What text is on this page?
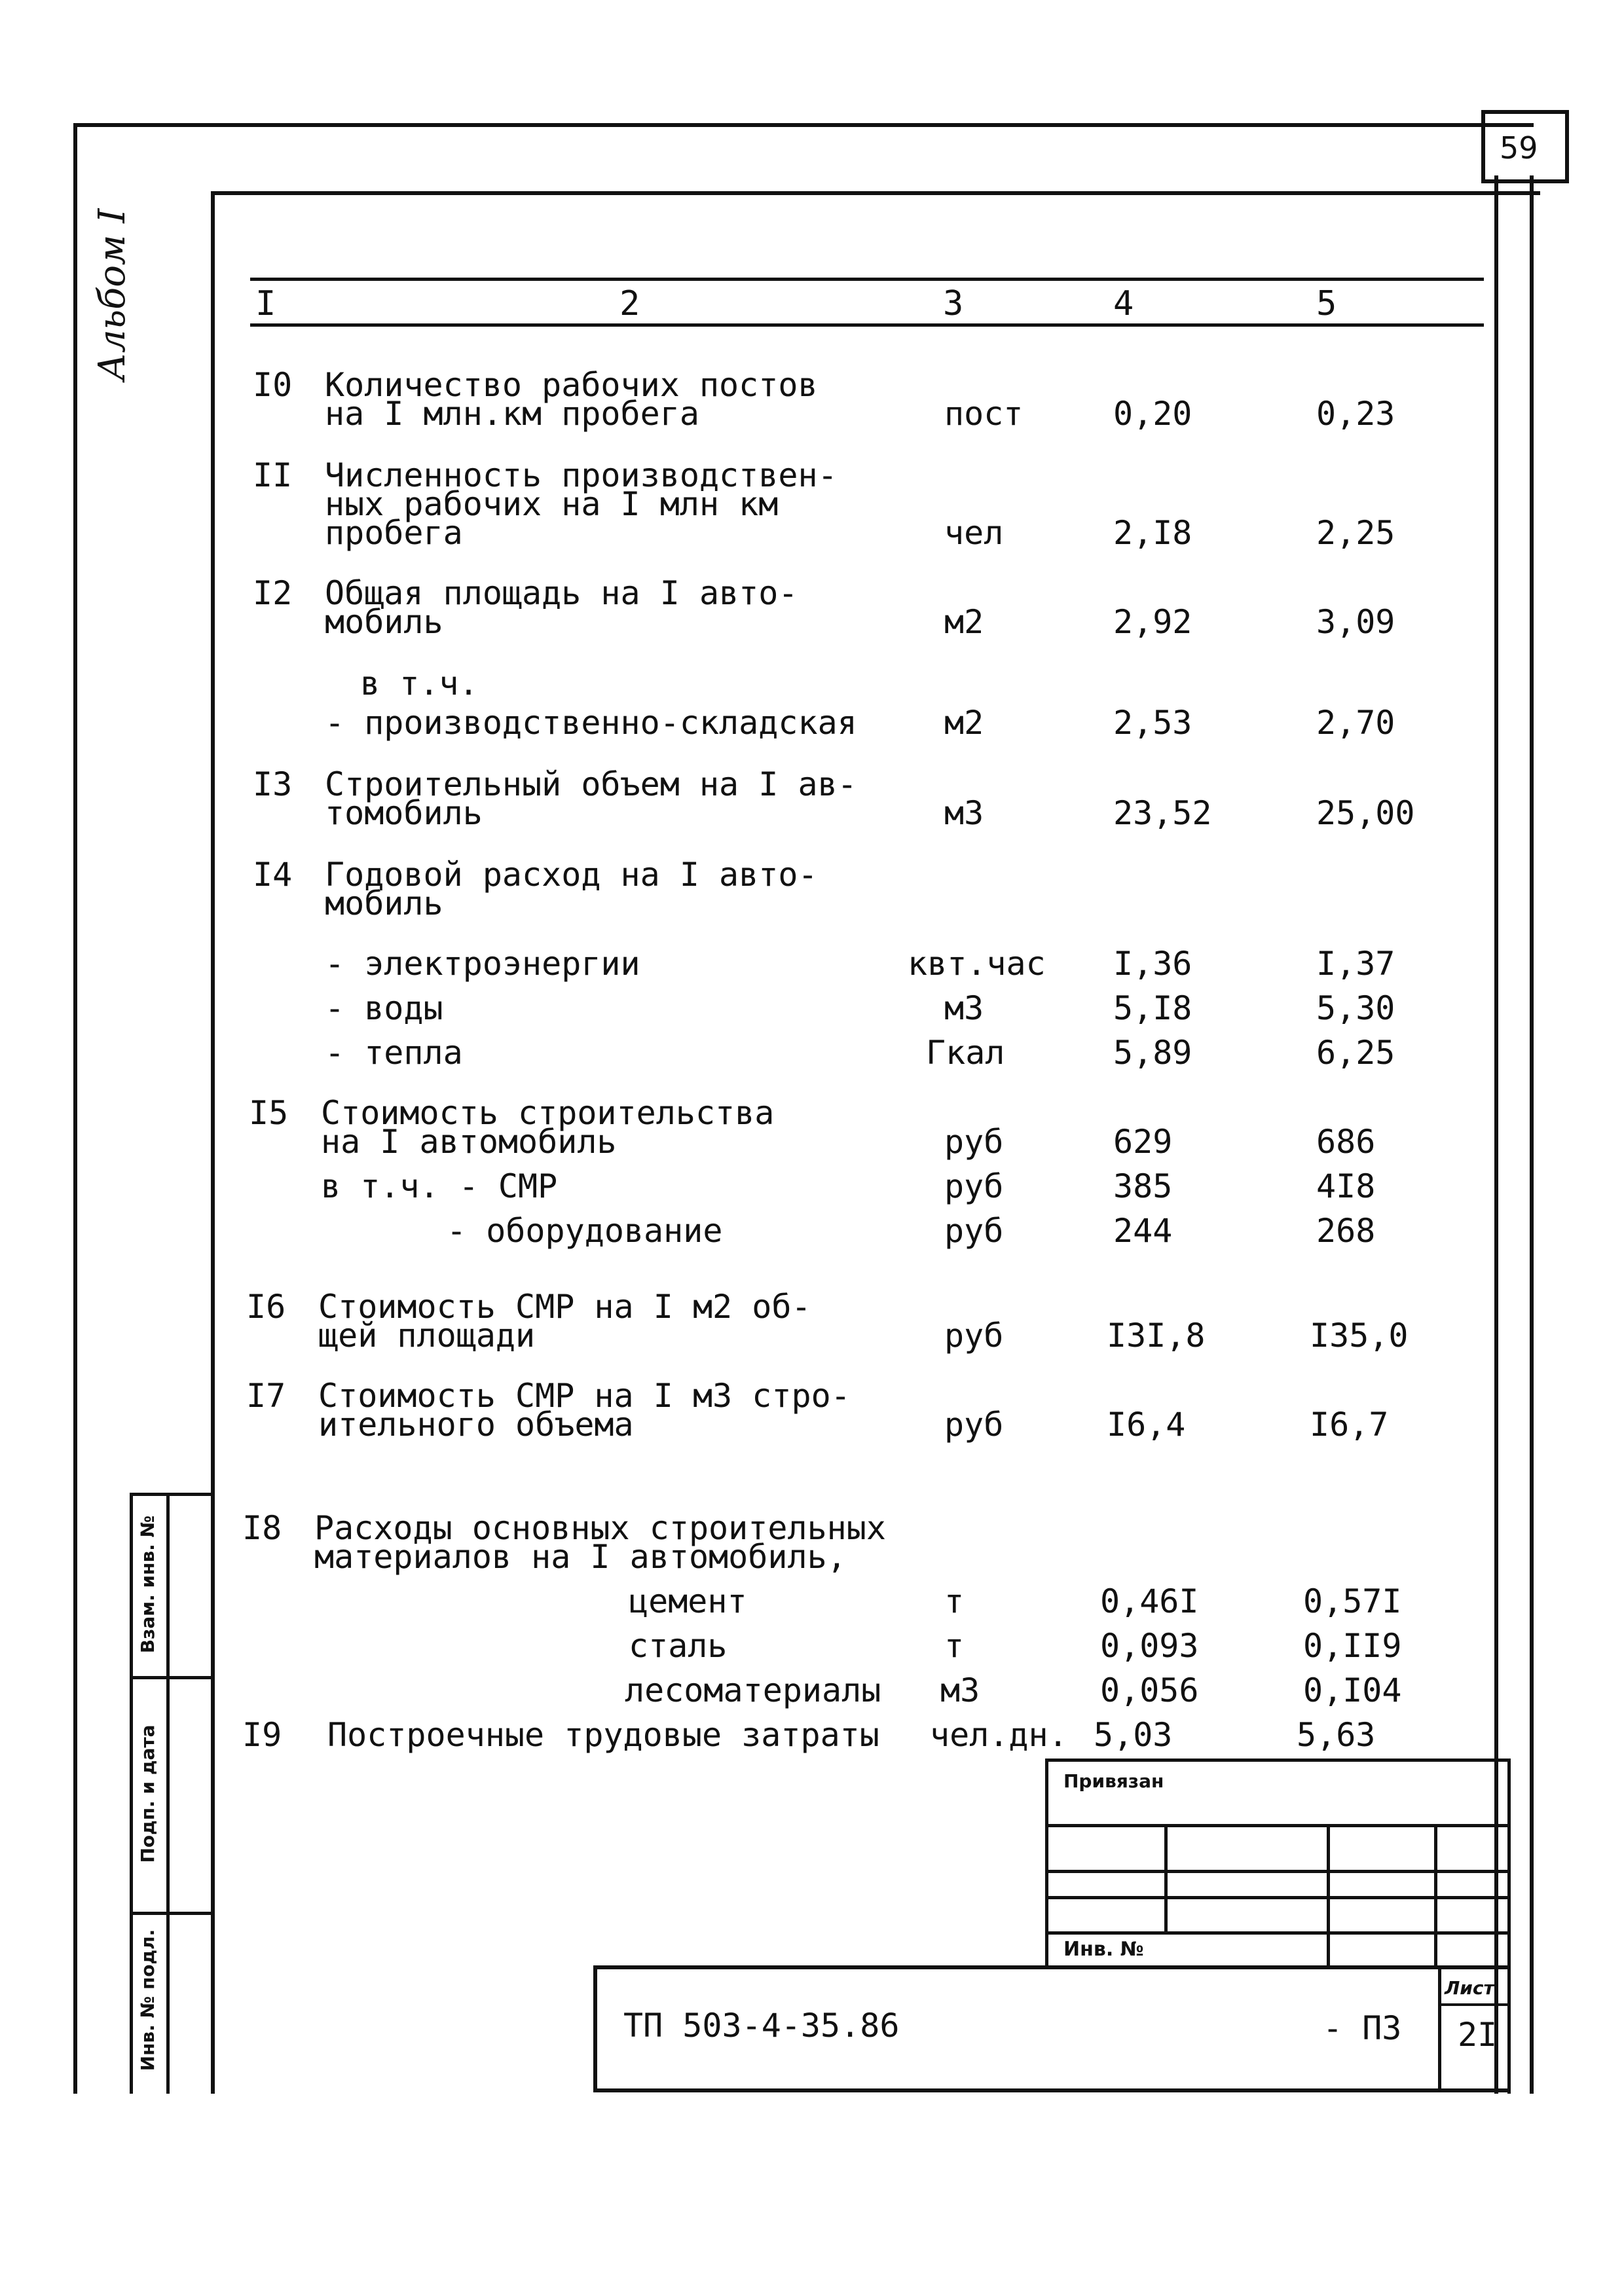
59
Альбом I
Взам. инв. №
Подп. и дата
Инв. № подл.
I	2	3	4	5
I0 Количество рабочих постов
на I млн.км пробега	пост	0,20	0,23
II Численность производствен-
ных рабочих на I млн км
пробега	чел	2,I8	2,25
I2 Общая площадь на I авто-
мобиль	м2	2,92	3,09
в т.ч.
- производственно-складская	м2	2,53	2,70
I3 Строительный объем на I ав-
томобиль	м3	23,52	25,00
I4 Годовой расход на I авто-
мобиль
- электроэнергии	квт.час I,36	I,37
- воды	м3	5,I8	5,30
- тепла	Гкал	5,89	6,25
I5 Стоимость строительства
на I автомобиль	руб	629	686
в т.ч. - СМР	руб	385	4I8
- оборудование	руб	244	268
I6 Стоимость СМР на I м2 об-
щей площади	руб	I3I,8	I35,0
I7 Стоимость СМР на I м3 стро-
ительного объема	руб	I6,4	I6,7
I8 Расходы основных строительных
материалов на I автомобиль,
цемент	т	0,46I	0,57I
сталь	т	0,093	0,II9
лесоматериалы м3	0,056	0,I04
I9 Построечные трудовые затраты чел.дн. 5,03	5,63
Привязан
Инв. №
ТП 503-4-35.86	- ПЗ
Лист
2I
